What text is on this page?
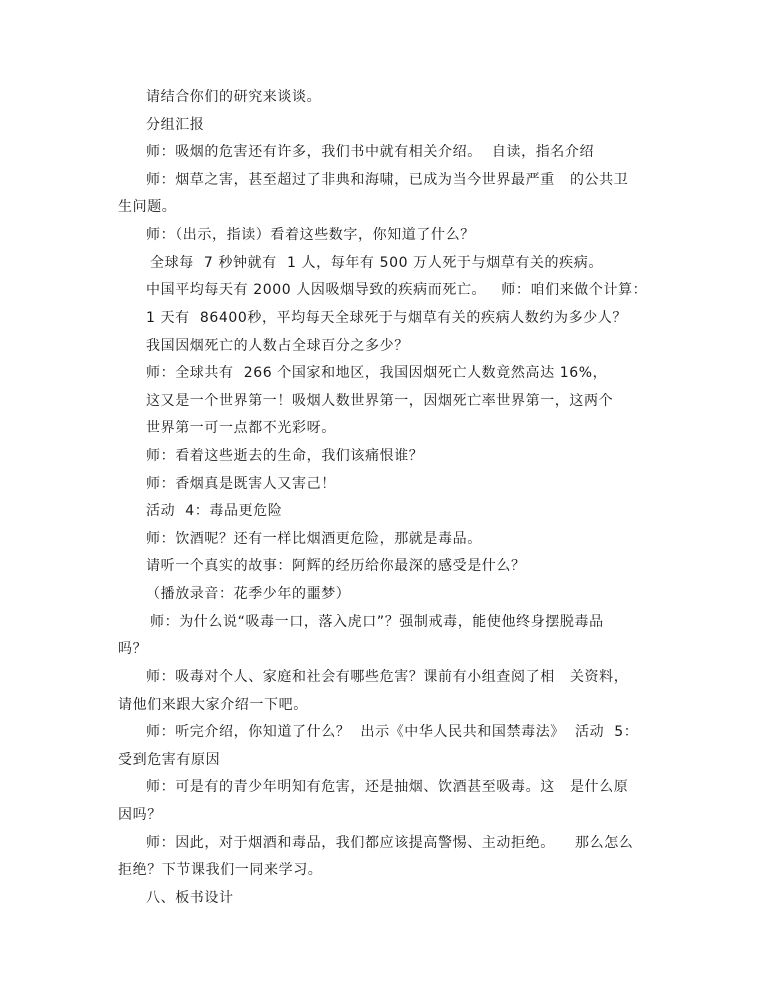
请结合你们的研究来谈谈。
分组汇报
师：吸烟的危害还有许多，我们书中就有相关介绍。  自读，指名介绍
师：烟草之害，甚至超过了非典和海啸，已成为当今世界最严重   的公共卫
生问题。
师：（出示，指读）看着这些数字，你知道了什么？
全球每  7 秒钟就有  1 人，每年有 500 万人死于与烟草有关的疾病。
中国平均每天有 2000 人因吸烟导致的疾病而死亡。   师：咱们来做个计算：
1 天有  86400秒，平均每天全球死于与烟草有关的疾病人数约为多少人？
我国因烟死亡的人数占全球百分之多少？
师：全球共有  266 个国家和地区，我国因烟死亡人数竟然高达 16%，
这又是一个世界第一！吸烟人数世界第一，因烟死亡率世界第一，这两个
世界第一可一点都不光彩呀。
师：看着这些逝去的生命，我们该痛恨谁？
师：香烟真是既害人又害己！
活动  4：毒品更危险
师：饮酒呢？还有一样比烟酒更危险，那就是毒品。
请听一个真实的故事：阿辉的经历给你最深的感受是什么？
（播放录音：花季少年的噩梦）
师：为什么说“吸毒一口，落入虎口”？强制戒毒，能使他终身摆脱毒品
吗？
师：吸毒对个人、家庭和社会有哪些危害？课前有小组查阅了相   关资料，
请他们来跟大家介绍一下吧。
师：听完介绍，你知道了什么？  出示《中华人民共和国禁毒法》  活动  5：
受到危害有原因
师：可是有的青少年明知有危害，还是抽烟、饮酒甚至吸毒。这   是什么原
因吗？
师：因此，对于烟酒和毒品，我们都应该提高警惕、主动拒绝。    那么怎么
拒绝？下节课我们一同来学习。
八、板书设计
